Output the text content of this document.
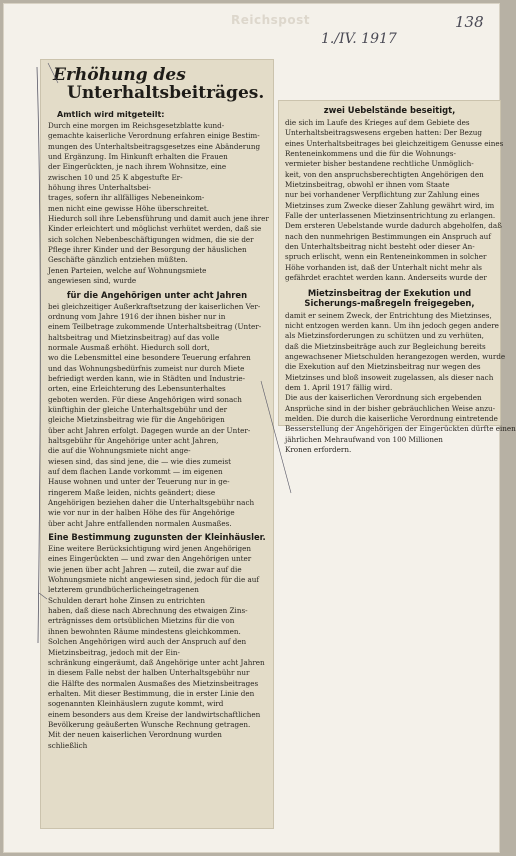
Reichspost
1./IV. 1917
138
Erhöhung des
Unterhaltsbeiträges.
Amtlich wird mitgeteilt:
Durch eine morgen im Reichsgesetzblatte kund-
gemachte kaiserliche Verordnung erfahren einige Bestim-
mungen des Unterhaltsbeitragsgesetzes eine Abänderung
und Ergänzung. Im Hinkunft erhalten die Frauen
der Eingerückten, je nach ihrem Wohnsitze, eine
zwischen 10 und 25 K abgestufte Er-
höhung ihres Unterhaltsbei-
trages, sofern ihr allfälliges Nebeneinkom-
men nicht eine gewisse Höhe überschreitet.
Hiedurch soll ihre Lebensführung und damit auch jene ihrer
Kinder erleichtert und möglichst verhütet werden, daß sie
sich solchen Nebenbeschäftigungen widmen, die sie der
Pflege ihrer Kinder und der Besorgung der häuslichen
Geschäfte gänzlich entziehen müßten.
Jenen Parteien, welche auf Wohnungsmiete
angewiesen sind, wurde
für die Angehörigen unter acht Jahren
bei gleichzeitiger Außerkraftsetzung der kaiserlichen Ver-
ordnung vom Jahre 1916 der ihnen bisher nur in
einem Teilbetrage zukommende Unterhaltsbeitrag (Unter-
haltsbeitrag und Mietzinsbeitrag) auf das volle
normale Ausmaß erhöht. Hiedurch soll dort,
wo die Lebensmittel eine besondere Teuerung erfahren
und das Wohnungsbedürfnis zumeist nur durch Miete
befriedigt werden kann, wie in Städten und Industrie-
orten, eine Erleichterung des Lebensunterhaltes
geboten werden. Für diese Angehörigen wird sonach
künftighin der gleiche Unterhaltsgebühr und der
gleiche Mietzinsbeitrag wie für die Angehörigen
über acht Jahren erfolgt. Dagegen wurde an der Unter-
haltsgebühr für Angehörige unter acht Jahren,
die auf die Wohnungsmiete nicht ange-
wiesen sind, das sind jene, die — wie dies zumeist
auf dem flachen Lande vorkommt — im eigenen
Hause wohnen und unter der Teuerung nur in ge-
ringerem Maße leiden, nichts geändert; diese
Angehörigen beziehen daher die Unterhaltsgebühr nach
wie vor nur in der halben Höhe des für Angehörige
über acht Jahre entfallenden normalen Ausmaßes.
Eine Bestimmung zugunsten der Kleinhäusler.
Eine weitere Berücksichtigung wird jenen Angehörigen
eines Eingerückten — und zwar den Angehörigen unter
wie jenen über acht Jahren — zuteil, die zwar auf die
Wohnungsmiete nicht angewiesen sind, jedoch für die auf
letzterem grundbücherlicheingetragenen
Schulden derart hohe Zinsen zu entrichten
haben, daß diese nach Abrechnung des etwaigen Zins-
erträgnisses dem ortsüblichen Mietzins für die von
ihnen bewohnten Räume mindestens gleichkommen.
Solchen Angehörigen wird auch der Anspruch auf den
Mietzinsbeitrag, jedoch mit der Ein-
schränkung eingeräumt, daß Angehörige unter acht Jahren
in diesem Falle nebst der halben Unterhaltsgebühr nur
die Hälfte des normalen Ausmaßes des Mietzinsbeitrages
erhalten. Mit dieser Bestimmung, die in erster Linie den
sogenannten Kleinhäuslern zugute kommt, wird
einem besonders aus dem Kreise der landwirtschaftlichen
Bevölkerung geäußerten Wunsche Rechnung getragen.
Mit der neuen kaiserlichen Verordnung wurden
schließlich
zwei Uebelstände beseitigt,
die sich im Laufe des Krieges auf dem Gebiete des
Unterhaltsbeitragswesens ergeben hatten: Der Bezug
eines Unterhaltsbeitrages bei gleichzeitigem Genusse eines
Renteneinkommens und die für die Wohnungs-
vermieter bisher bestandene rechtliche Unmöglich-
keit, von den anspruchsberechtigten Angehörigen den
Mietzinsbeitrag, obwohl er ihnen vom Staate
nur bei vorhandener Verpflichtung zur Zahlung eines
Mietzinses zum Zwecke dieser Zahlung gewährt wird, im
Falle der unterlassenen Mietzinsentrichtung zu erlangen.
Dem ersteren Uebelstande wurde dadurch abgeholfen, daß
nach den nunmehrigen Bestimmungen ein Anspruch auf
den Unterhaltsbeitrag nicht besteht oder dieser An-
spruch erlischt, wenn ein Renteneinkommen in solcher
Höhe vorhanden ist, daß der Unterhalt nicht mehr als
gefährdet erachtet werden kann. Anderseits wurde der
Mietzinsbeitrag der Exekution und Sicherungs-maßregeln freigegeben,
damit er seinem Zweck, der Entrichtung des Mietzinses,
nicht entzogen werden kann. Um ihn jedoch gegen andere
als Mietzinsforderungen zu schützen und zu verhüten,
daß die Mietzinsbeiträge auch zur Begleichung bereits
angewachsener Mietschulden herangezogen werden, wurde
die Exekution auf den Mietzinsbeitrag nur wegen des
Mietzinses und bloß insoweit zugelassen, als dieser nach
dem 1. April 1917 fällig wird.
Die aus der kaiserlichen Verordnung sich ergebenden
Ansprüche sind in der bisher gebräuchlichen Weise anzu-
melden. Die durch die kaiserliche Verordnung eintretende
Besserstellung der Angehörigen der Eingerückten dürfte einen
jährlichen Mehraufwand von 100 Millionen
Kronen erfordern.
